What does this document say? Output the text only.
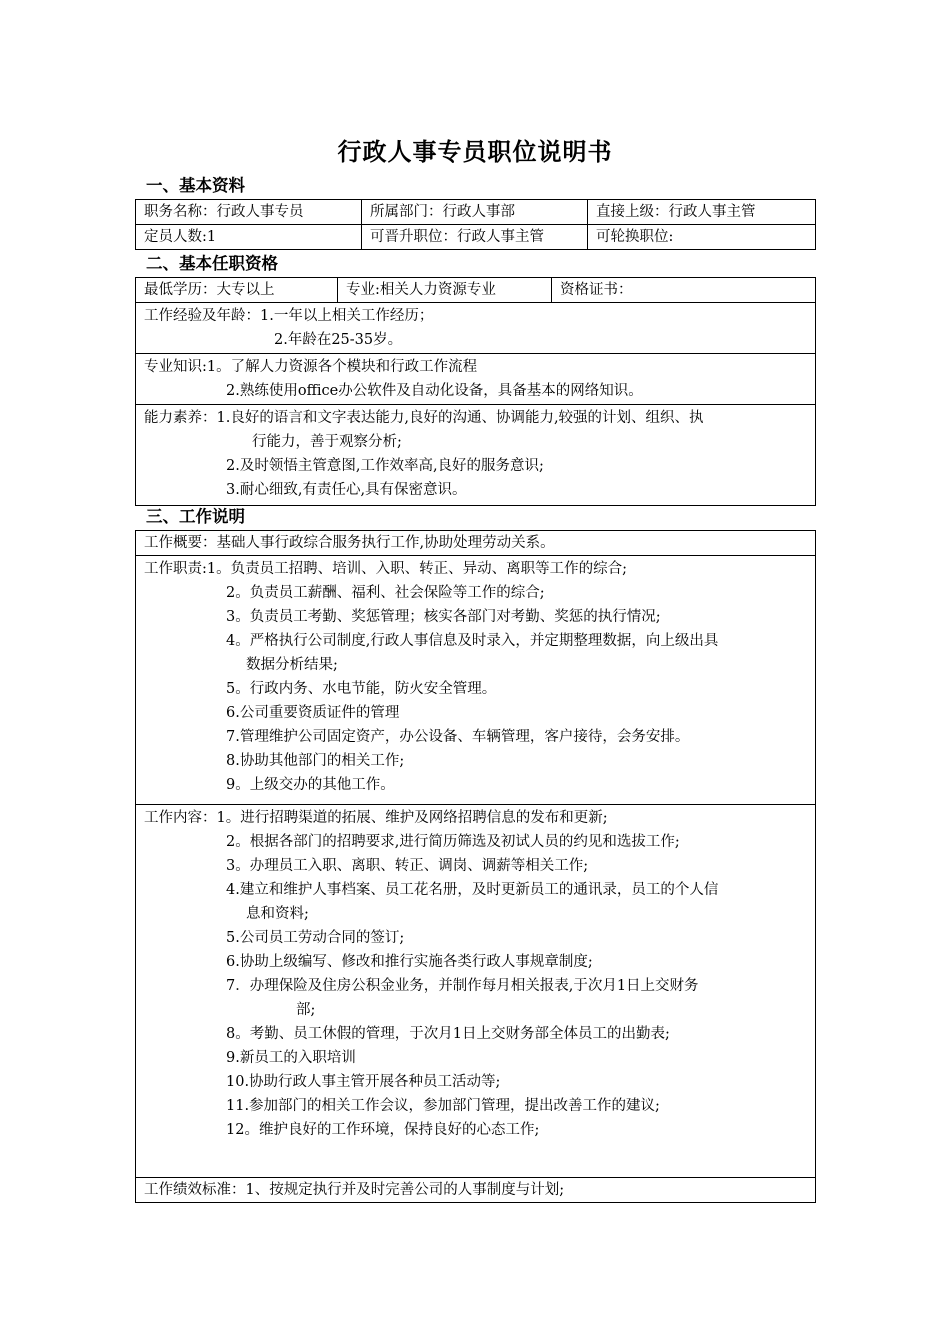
行政人事专员职位说明书
一、基本资料
职务名称：行政人事专员	所属部门：行政人事部	直接上级：行政人事主管
定员人数:1	可晋升职位：行政人事主管	可轮换职位:
二、基本任职资格
最低学历：大专以上	专业:相关人力资源专业	资格证书：

工作经验及年龄：1.一年以上相关工作经历；
2.年龄在25-35岁。

专业知识:1。了解人力资源各个模块和行政工作流程
2.熟练使用office办公软件及自动化设备，具备基本的网络知识。

能力素养：1.良好的语言和文字表达能力,良好的沟通、协调能力,较强的计划、组织、执
行能力，善于观察分析;
2.及时领悟主管意图,工作效率高,良好的服务意识;
3.耐心细致,有责任心,具有保密意识。
三、工作说明
工作概要：基础人事行政综合服务执行工作,协助处理劳动关系。

工作职责:1。负责员工招聘、培训、入职、转正、异动、离职等工作的综合;
2。负责员工薪酬、福利、社会保险等工作的综合;
3。负责员工考勤、奖惩管理；核实各部门对考勤、奖惩的执行情况;
4。严格执行公司制度,行政人事信息及时录入，并定期整理数据，向上级出具
数据分析结果;
5。行政内务、水电节能，防火安全管理。
6.公司重要资质证件的管理
7.管理维护公司固定资产，办公设备、车辆管理，客户接待，会务安排。
8.协助其他部门的相关工作;
9。上级交办的其他工作。

工作内容：1。进行招聘渠道的拓展、维护及网络招聘信息的发布和更新;
2。根据各部门的招聘要求,进行简历筛选及初试人员的约见和选拔工作;
3。办理员工入职、离职、转正、调岗、调薪等相关工作;
4.建立和维护人事档案、员工花名册，及时更新员工的通讯录，员工的个人信
息和资料;
5.公司员工劳动合同的签订;
6.协助上级编写、修改和推行实施各类行政人事规章制度;
7．办理保险及住房公积金业务，并制作每月相关报表,于次月1日上交财务
部;
8。考勤、员工休假的管理，于次月1日上交财务部全体员工的出勤表;
9.新员工的入职培训
10.协助行政人事主管开展各种员工活动等;
11.参加部门的相关工作会议，参加部门管理，提出改善工作的建议;
12。维护良好的工作环境，保持良好的心态工作;

工作绩效标准：1、按规定执行并及时完善公司的人事制度与计划;
